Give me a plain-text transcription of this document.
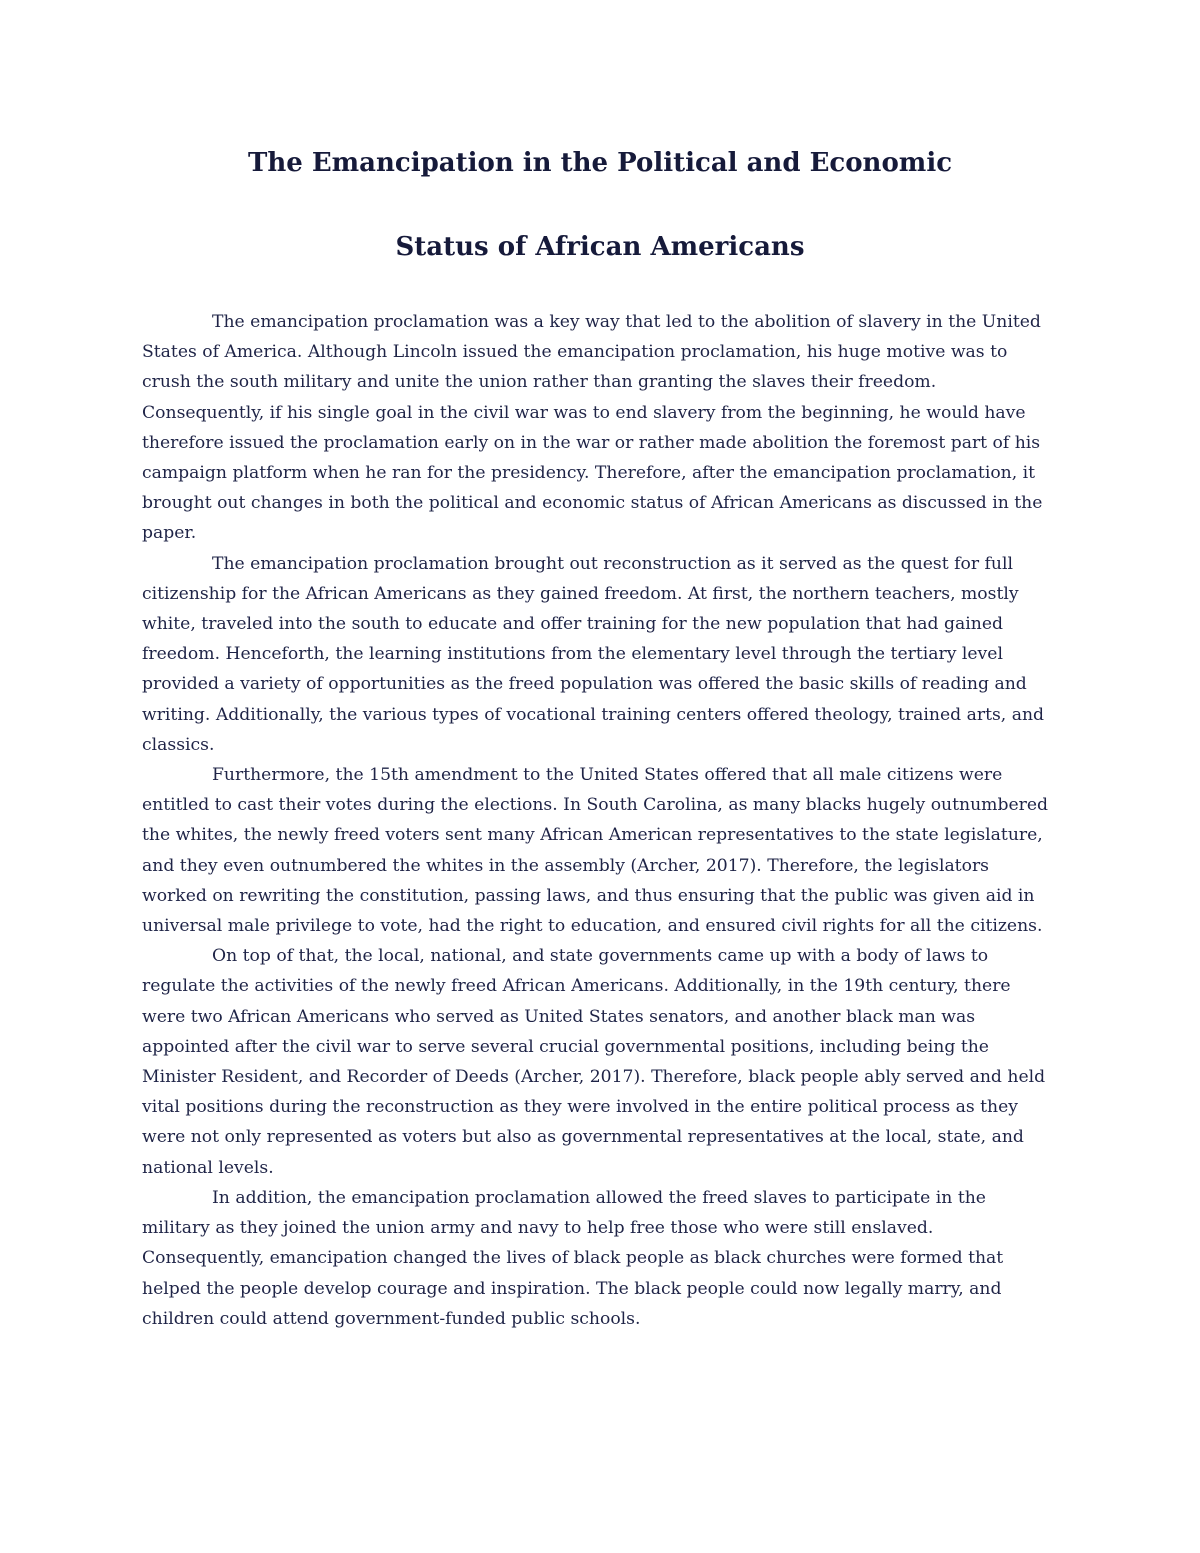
The Emancipation in the Political and Economic
Status of African Americans

The emancipation proclamation was a key way that led to the abolition of slavery in the United States of America. Although Lincoln issued the emancipation proclamation, his huge motive was to crush the south military and unite the union rather than granting the slaves their freedom. Consequently, if his single goal in the civil war was to end slavery from the beginning, he would have therefore issued the proclamation early on in the war or rather made abolition the foremost part of his campaign platform when he ran for the presidency. Therefore, after the emancipation proclamation, it brought out changes in both the political and economic status of African Americans as discussed in the paper.

The emancipation proclamation brought out reconstruction as it served as the quest for full citizenship for the African Americans as they gained freedom. At first, the northern teachers, mostly white, traveled into the south to educate and offer training for the new population that had gained freedom. Henceforth, the learning institutions from the elementary level through the tertiary level provided a variety of opportunities as the freed population was offered the basic skills of reading and writing. Additionally, the various types of vocational training centers offered theology, trained arts, and classics.

Furthermore, the 15th amendment to the United States offered that all male citizens were entitled to cast their votes during the elections. In South Carolina, as many blacks hugely outnumbered the whites, the newly freed voters sent many African American representatives to the state legislature, and they even outnumbered the whites in the assembly (Archer, 2017). Therefore, the legislators worked on rewriting the constitution, passing laws, and thus ensuring that the public was given aid in universal male privilege to vote, had the right to education, and ensured civil rights for all the citizens.

On top of that, the local, national, and state governments came up with a body of laws to regulate the activities of the newly freed African Americans. Additionally, in the 19th century, there were two African Americans who served as United States senators, and another black man was appointed after the civil war to serve several crucial governmental positions, including being the Minister Resident, and Recorder of Deeds (Archer, 2017). Therefore, black people ably served and held vital positions during the reconstruction as they were involved in the entire political process as they were not only represented as voters but also as governmental representatives at the local, state, and national levels.

In addition, the emancipation proclamation allowed the freed slaves to participate in the military as they joined the union army and navy to help free those who were still enslaved. Consequently, emancipation changed the lives of black people as black churches were formed that helped the people develop courage and inspiration. The black people could now legally marry, and children could attend government-funded public schools.
